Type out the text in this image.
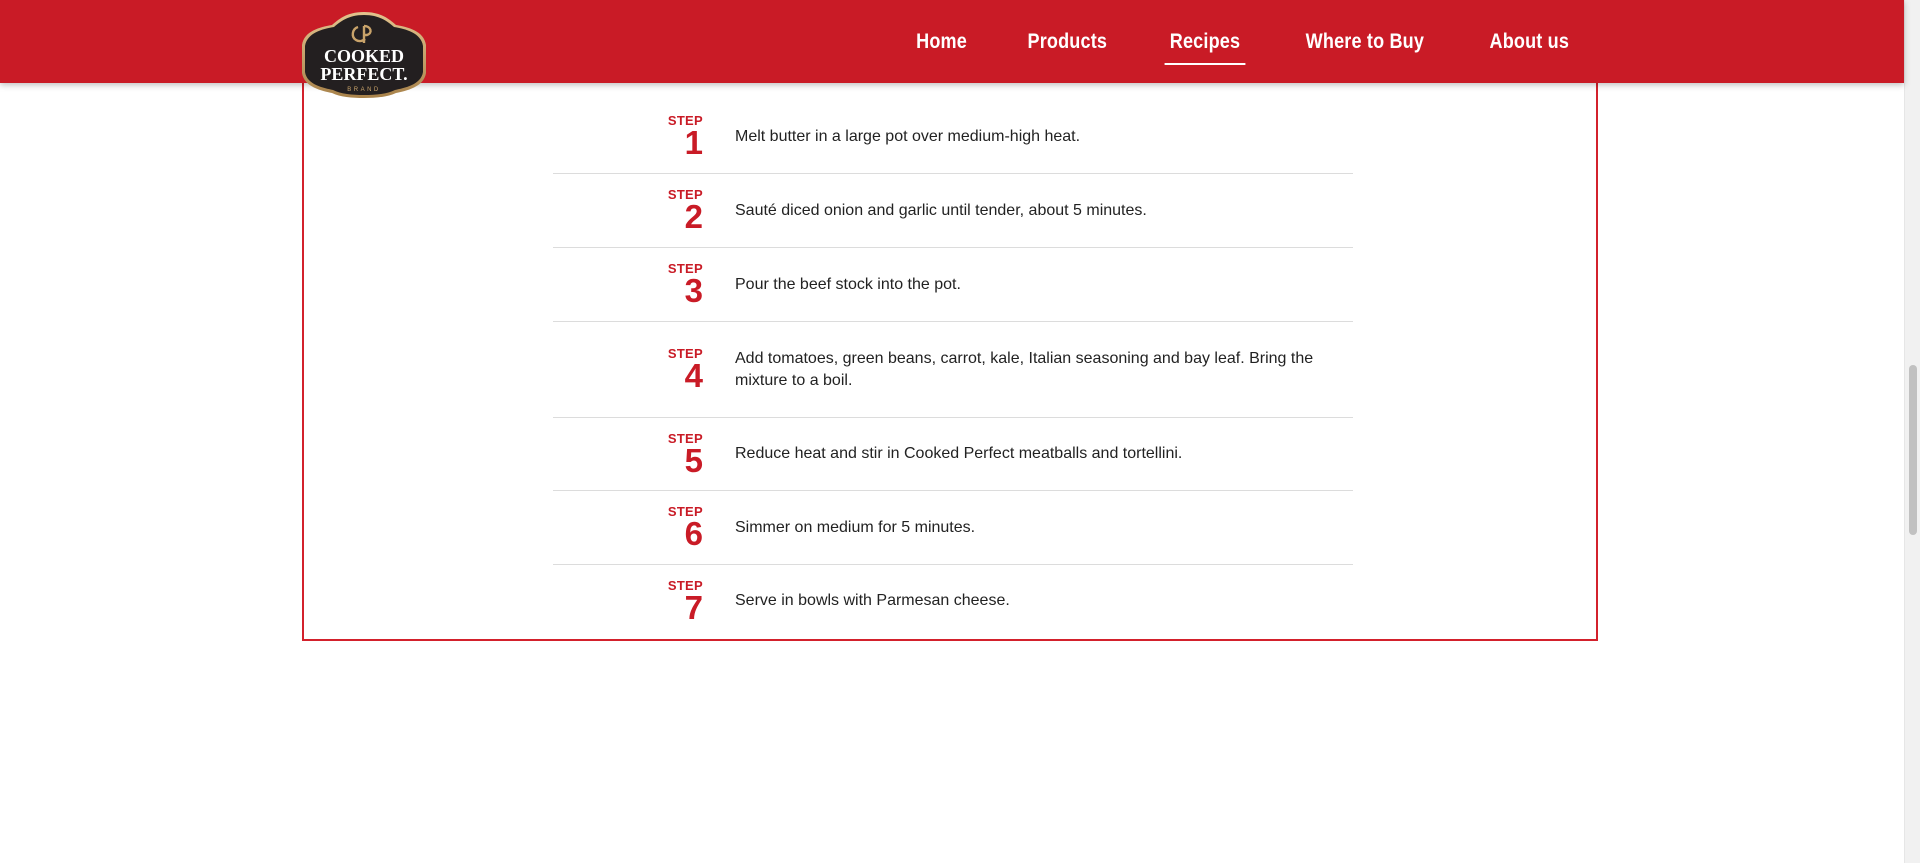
Home	Products	Recipes	Where to Buy	About us
COOKED
PERFECT.
BRAND
STEP
1	Melt butter in a large pot over medium-high heat.
STEP
2	Sauté diced onion and garlic until tender, about 5 minutes.
STEP
3	Pour the beef stock into the pot.
STEP
4	Add tomatoes, green beans, carrot, kale, Italian seasoning and bay leaf. Bring the mixture to a boil.
STEP
5	Reduce heat and stir in Cooked Perfect meatballs and tortellini.
STEP
6	Simmer on medium for 5 minutes.
STEP
7	Serve in bowls with Parmesan cheese.
